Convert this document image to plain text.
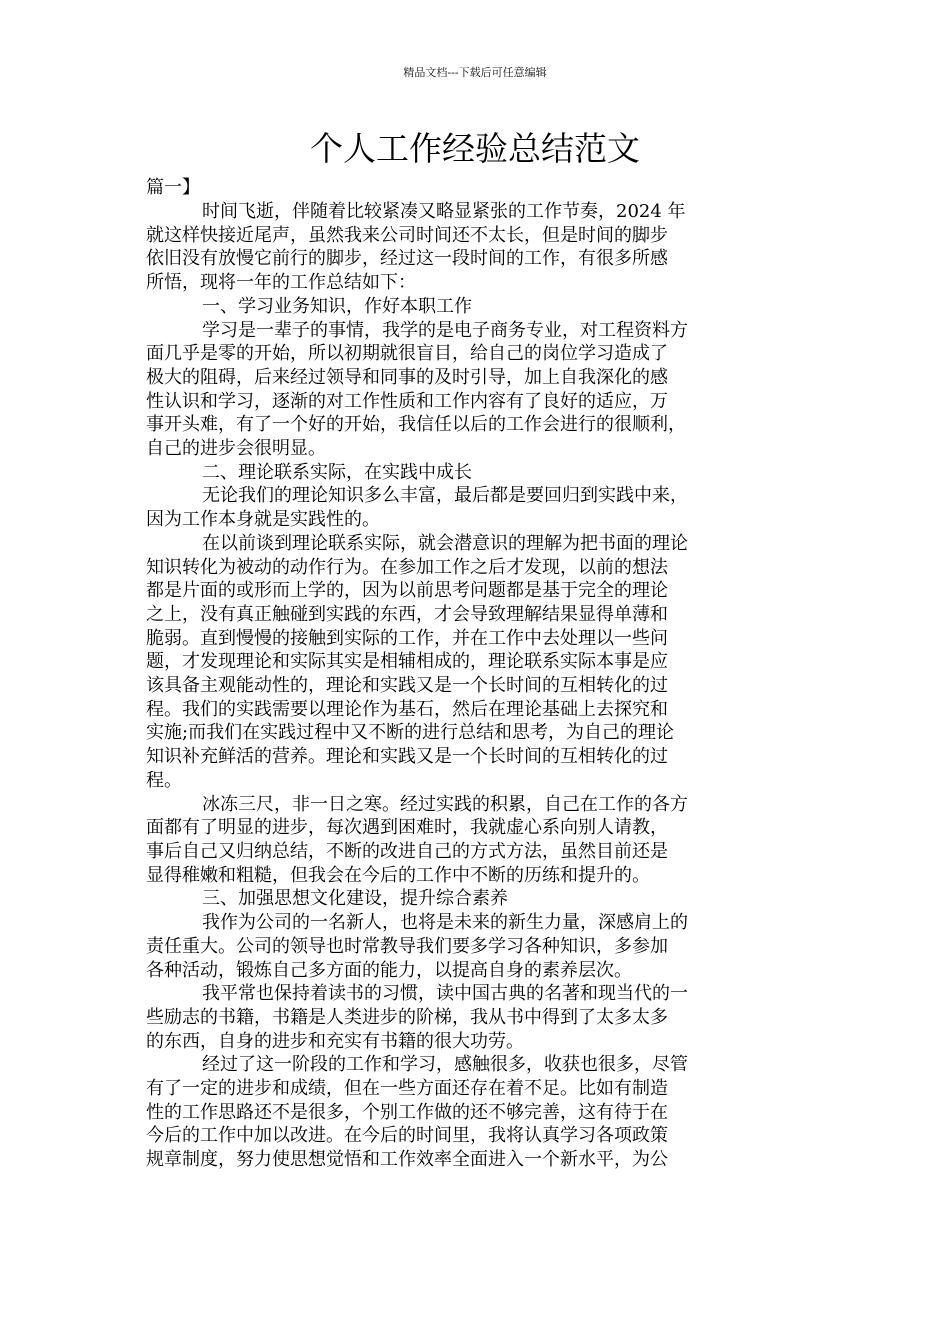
精品文档---下载后可任意编辑
个人工作经验总结范文
篇一】

时间飞逝，伴随着比较紧凑又略显紧张的工作节奏，2024 年
就这样快接近尾声，虽然我来公司时间还不太长，但是时间的脚步
依旧没有放慢它前行的脚步，经过这一段时间的工作，有很多所感
所悟，现将一年的工作总结如下：

一、学习业务知识，作好本职工作

学习是一辈子的事情，我学的是电子商务专业，对工程资料方
面几乎是零的开始，所以初期就很盲目，给自己的岗位学习造成了
极大的阻碍，后来经过领导和同事的及时引导，加上自我深化的感
性认识和学习，逐渐的对工作性质和工作内容有了良好的适应，万
事开头难，有了一个好的开始，我信任以后的工作会进行的很顺利，
自己的进步会很明显。

二、理论联系实际，在实践中成长

无论我们的理论知识多么丰富，最后都是要回归到实践中来，
因为工作本身就是实践性的。

在以前谈到理论联系实际，就会潜意识的理解为把书面的理论
知识转化为被动的动作行为。在参加工作之后才发现，以前的想法
都是片面的或形而上学的，因为以前思考问题都是基于完全的理论
之上，没有真正触碰到实践的东西，才会导致理解结果显得单薄和
脆弱。直到慢慢的接触到实际的工作，并在工作中去处理以一些问
题，才发现理论和实际其实是相辅相成的，理论联系实际本事是应
该具备主观能动性的，理论和实践又是一个长时间的互相转化的过
程。我们的实践需要以理论作为基石，然后在理论基础上去探究和
实施;而我们在实践过程中又不断的进行总结和思考，为自己的理论
知识补充鲜活的营养。理论和实践又是一个长时间的互相转化的过
程。

冰冻三尺，非一日之寒。经过实践的积累，自己在工作的各方
面都有了明显的进步，每次遇到困难时，我就虚心系向别人请教，
事后自己又归纳总结，不断的改进自己的方式方法，虽然目前还是
显得稚嫩和粗糙，但我会在今后的工作中不断的历练和提升的。

三、加强思想文化建设，提升综合素养

我作为公司的一名新人，也将是未来的新生力量，深感肩上的
责任重大。公司的领导也时常教导我们要多学习各种知识，多参加
各种活动，锻炼自己多方面的能力，以提高自身的素养层次。

我平常也保持着读书的习惯，读中国古典的名著和现当代的一
些励志的书籍，书籍是人类进步的阶梯，我从书中得到了太多太多
的东西，自身的进步和充实有书籍的很大功劳。

经过了这一阶段的工作和学习，感触很多，收获也很多，尽管
有了一定的进步和成绩，但在一些方面还存在着不足。比如有制造
性的工作思路还不是很多，个别工作做的还不够完善，这有待于在
今后的工作中加以改进。在今后的时间里，我将认真学习各项政策
规章制度，努力使思想觉悟和工作效率全面进入一个新水平，为公
